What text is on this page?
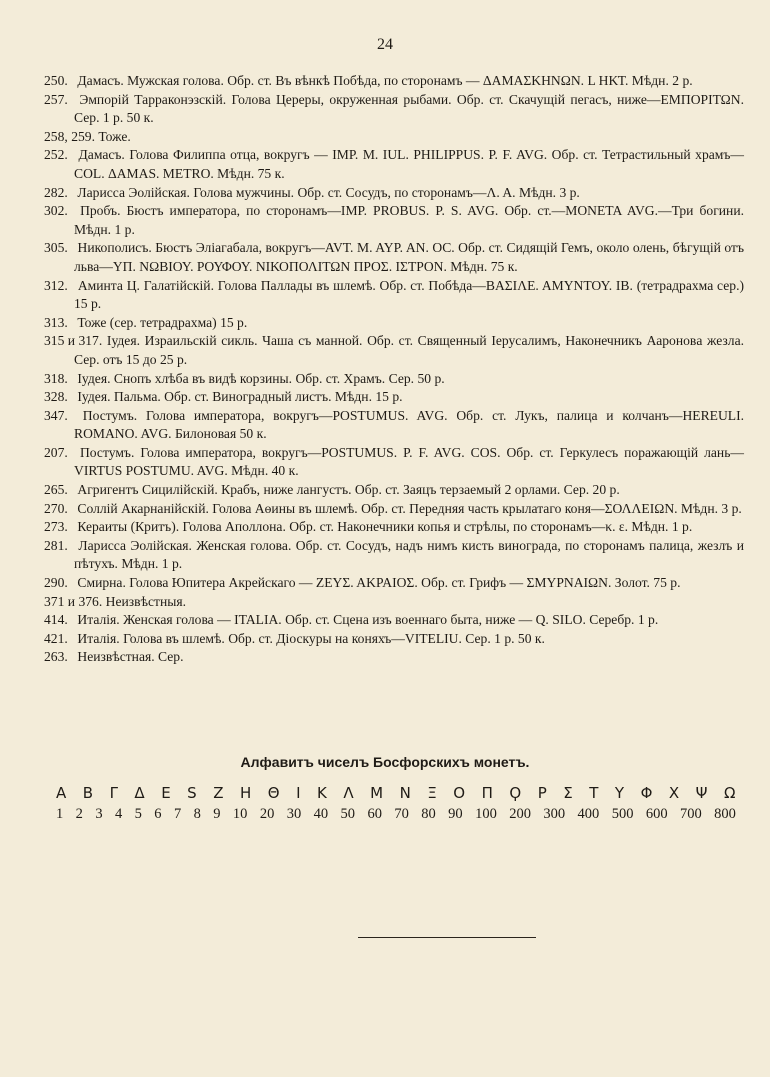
24

250. Дамасъ. Мужская голова. Обр. ст. Въ вѣнкѣ Побѣда, по сторонамъ — ΔΑΜΑΣΚΗΝΩΝ. L ΗΚΤ. Мѣдн. 2 р.

257. Эмпорій Тарраконэзскій. Голова Цереры, окруженная рыбами. Обр. ст. Скачущій пегасъ, ниже—ΕΜΠΟΡΙΤΩΝ. Сер. 1 р. 50 к.

258, 259. Тоже.

252. Дамасъ. Голова Филиппа отца, вокругъ — IMP. M. IUL. PHILIPPUS. P. F. AVG. Обр. ст. Тетрастильный храмъ—COL. ΔAMAS. METRO. Мѣдн. 75 к.

282. Ларисса Эолійская. Голова мужчины. Обр. ст. Сосудъ, по сторонамъ—Λ. Α. Мѣдн. 3 р.

302. Пробъ. Бюстъ императора, по сторонамъ—IMP. PROBUS. P. S. AVG. Обр. ст.—MONETA AVG.—Три богини. Мѣдн. 1 р.

305. Никополисъ. Бюстъ Элiагабала, вокругъ—AVT. M. AYP. AN. OC. Обр. ст. Сидящій Гемъ, около олень, бѣгущій отъ льва—ΥΠ. ΝΩΒΙΟΥ. ΡΟΥΦΟΥ. ΝΙΚΟΠΟΛΙΤΩΝ ΠΡΟΣ. ΙΣΤΡΟΝ. Мѣдн. 75 к.

312. Аминта Ц. Галатійскій. Голова Паллады въ шлемѣ. Обр. ст. Побѣда—ΒΑΣΙΛΕ. ΑΜΥΝΤΟΥ. ΙΒ. (тетрадрахма сер.) 15 р.

313. Тоже (сер. тетрадрахма) 15 р.

315 и 317. Іудея. Израильскій сикль. Чаша съ манной. Обр. ст. Священный Іерусалимъ, Наконечникъ Аароновa жезла. Сер. отъ 15 до 25 р.

318. Іудея. Снопъ хлѣба въ видѣ корзины. Обр. ст. Храмъ. Сер. 50 р.

328. Іудея. Пальма. Обр. ст. Виноградный листъ. Мѣдн. 15 р.

347. Постумъ. Голова императора, вокругъ—POSTUMUS. AVG. Обр. ст. Лукъ, палица и колчанъ—HEREULI. ROMANO. AVG. Билоновая 50 к.

207. Постумъ. Голова императора, вокругъ—POSTUMUS. P. F. AVG. COS. Обр. ст. Геркулесъ поражающій лань—VIRTUS POSTUMU. AVG. Мѣдн. 40 к.

265. Агригентъ Сицилійскій. Крабъ, ниже лангустъ. Обр. ст. Заяцъ терзаемый 2 орлами. Сер. 20 р.

270. Соллій Акарнанійскій. Голова Аѳины въ шлемѣ. Обр. ст. Передняя часть крылатаго коня—ΣΟΛΛΕΙΩΝ. Мѣдн. 3 р.

273. Кераиты (Критъ). Голова Аполлона. Обр. ст. Наконечники копья и стрѣлы, по сторонамъ—κ. ε. Мѣдн. 1 р.

281. Ларисса Эолійская. Женская голова. Обр. ст. Сосудъ, надъ нимъ кисть винограда, по сторонамъ палица, жезлъ и пѣтухъ. Мѣдн. 1 р.

290. Смирна. Голова Юпитера Акрейскаго — ΖΕΥΣ. ΑΚΡΑΙΟΣ. Обр. ст. Грифъ — ΣΜΥΡΝΑΙΩΝ. Золот. 75 р.

371 и 376. Неизвѣстныя.

414. Италія. Женская голова — ITALIA. Обр. ст. Сцена изъ военнаго быта, ниже — Q. SILO. Серебр. 1 р.

421. Италія. Голова въ шлемѣ. Обр. ст. Діоскуры на коняхъ—VITELIU. Сер. 1 р. 50 к.

263. Неизвѣстная. Сер.

Алфавитъ чиселъ Босфорскихъ монетъ.
Α Β Γ Δ Ε S Ζ Η Θ Ι Κ Λ Μ Ν Ξ Ο Π Ϙ Ρ Σ Τ Υ Φ Χ Ψ Ω
1 2 3 4 5 6 7 8 9 10 20 30 40 50 60 70 80 90 100 200 300 400 500 600 700 800
